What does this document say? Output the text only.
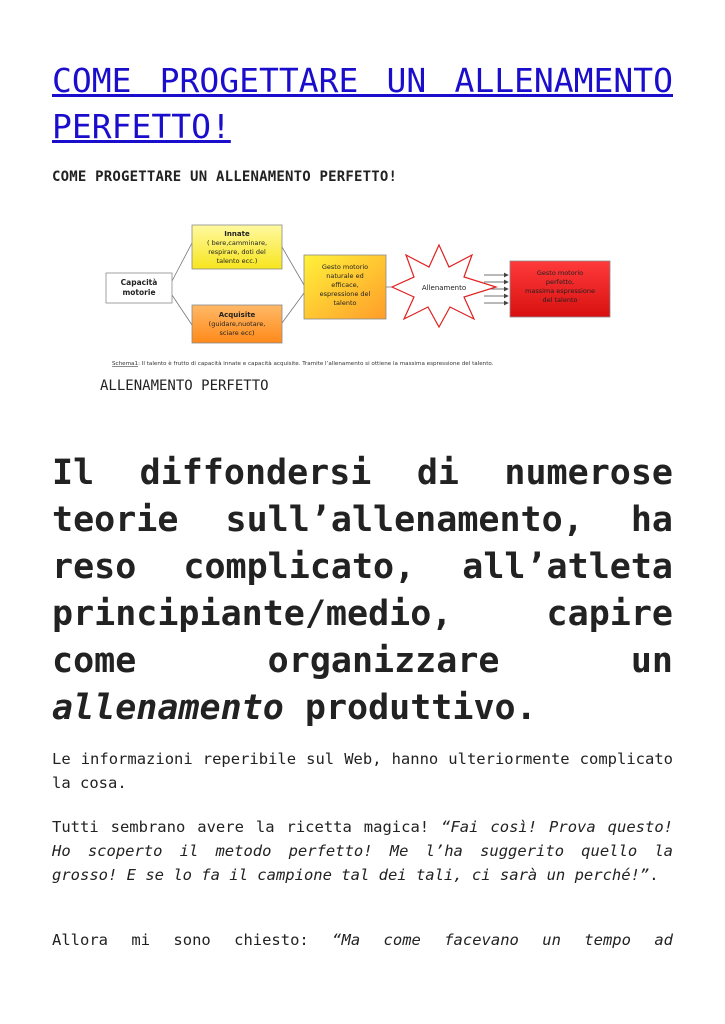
COME PROGETTARE UN ALLENAMENTO PERFETTO!

COME PROGETTARE UN ALLENAMENTO PERFETTO!

Capacità
motorie
Innate
( bere,camminare,
respirare, doti del
talento ecc.)
Acquisite
(guidare,nuotare,
sciare ecc)
Gesto motorio
naturale ed
efficace,
espressione del
talento
Allenamento
Gesto motorio
perfetto,
massima espressione
del talento
Schema1: Il talento è frutto di capacità innate e capacità acquisite. Tramite l’allenamento si ottiene la massima espressione del talento.
ALLENAMENTO PERFETTO
Il diffondersi di numerose teorie sull’allenamento, ha reso complicato, all’atleta principiante/medio, capire come organizzare un allenamento produttivo.

Le informazioni reperibile sul Web, hanno ulteriormente complicato la cosa.

Tutti sembrano avere la ricetta magica! “Fai così! Prova questo! Ho scoperto il metodo perfetto! Me l’ha suggerito quello la grosso! E se lo fa il campione tal dei tali, ci sarà un perché!”.

Allora mi sono chiesto: “Ma come facevano un tempo ad
